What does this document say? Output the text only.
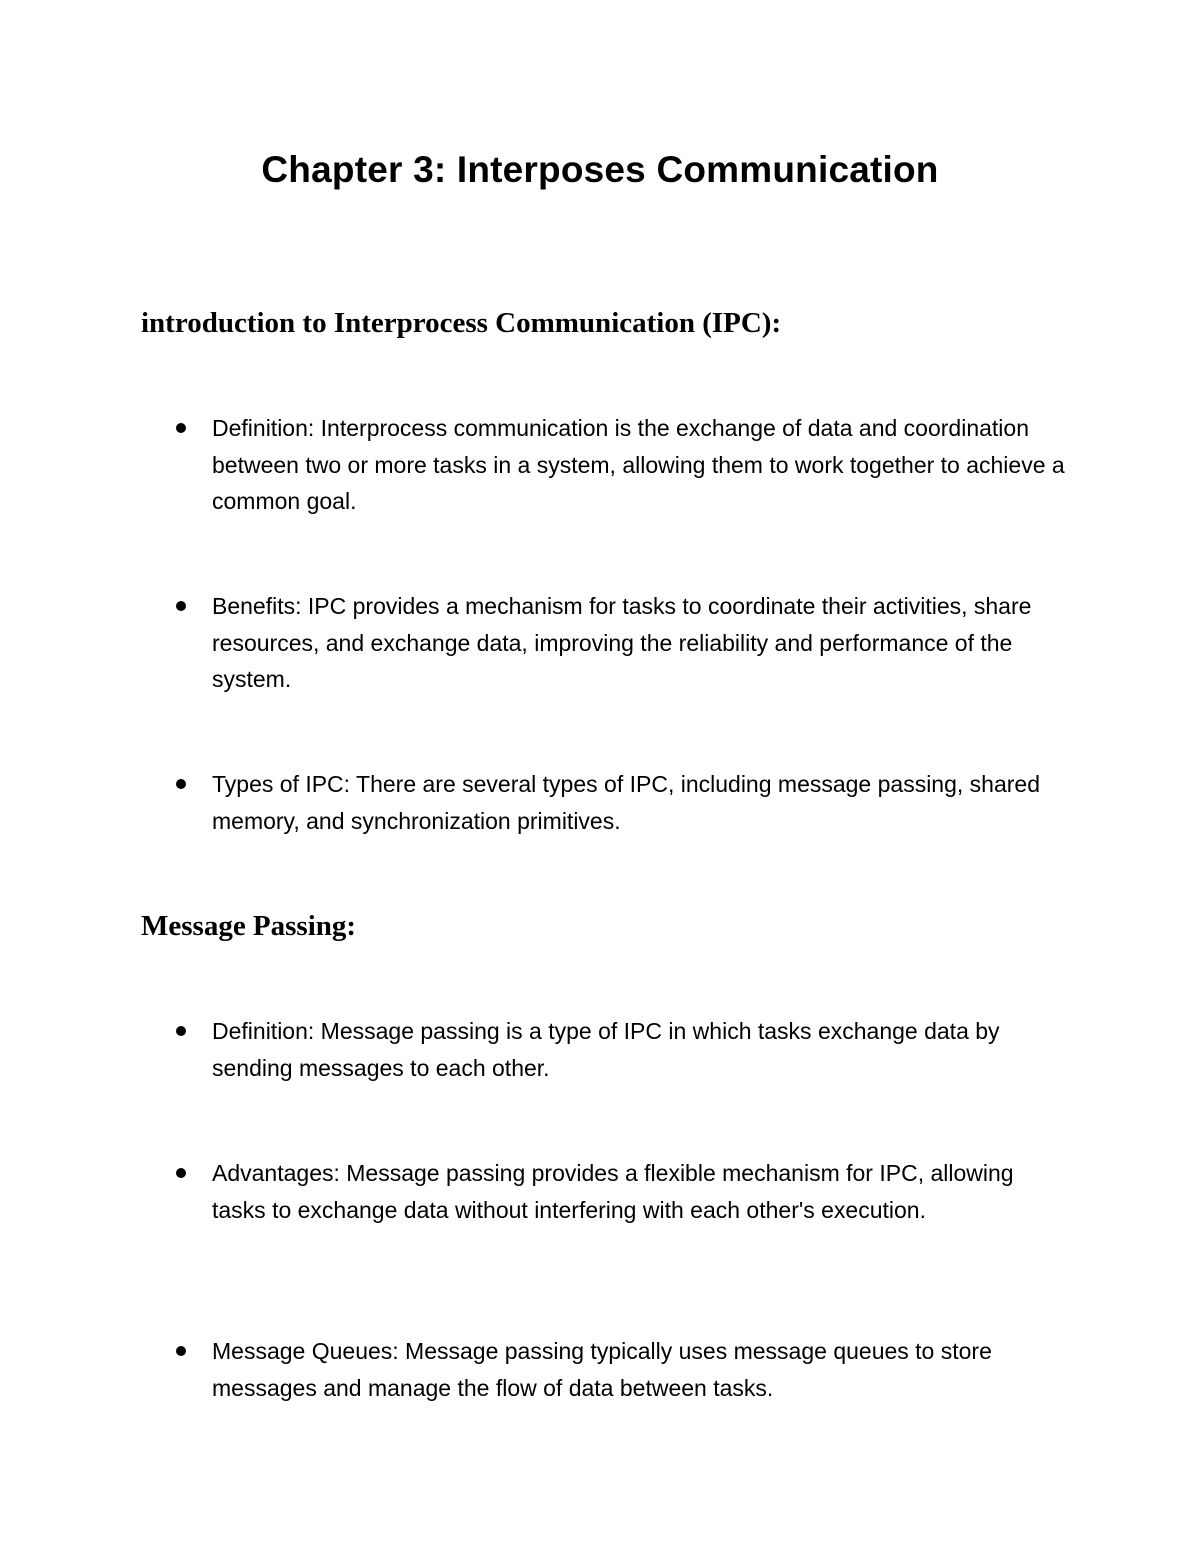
Chapter 3: Interposes Communication
introduction to Interprocess Communication (IPC):

Definition: Interprocess communication is the exchange of data and coordination between two or more tasks in a system, allowing them to work together to achieve a common goal.

Benefits: IPC provides a mechanism for tasks to coordinate their activities, share resources, and exchange data, improving the reliability and performance of the system.

Types of IPC: There are several types of IPC, including message passing, shared memory, and synchronization primitives.

Message Passing:

Definition: Message passing is a type of IPC in which tasks exchange data by sending messages to each other.

Advantages: Message passing provides a flexible mechanism for IPC, allowing tasks to exchange data without interfering with each other's execution.

Message Queues: Message passing typically uses message queues to store messages and manage the flow of data between tasks.
